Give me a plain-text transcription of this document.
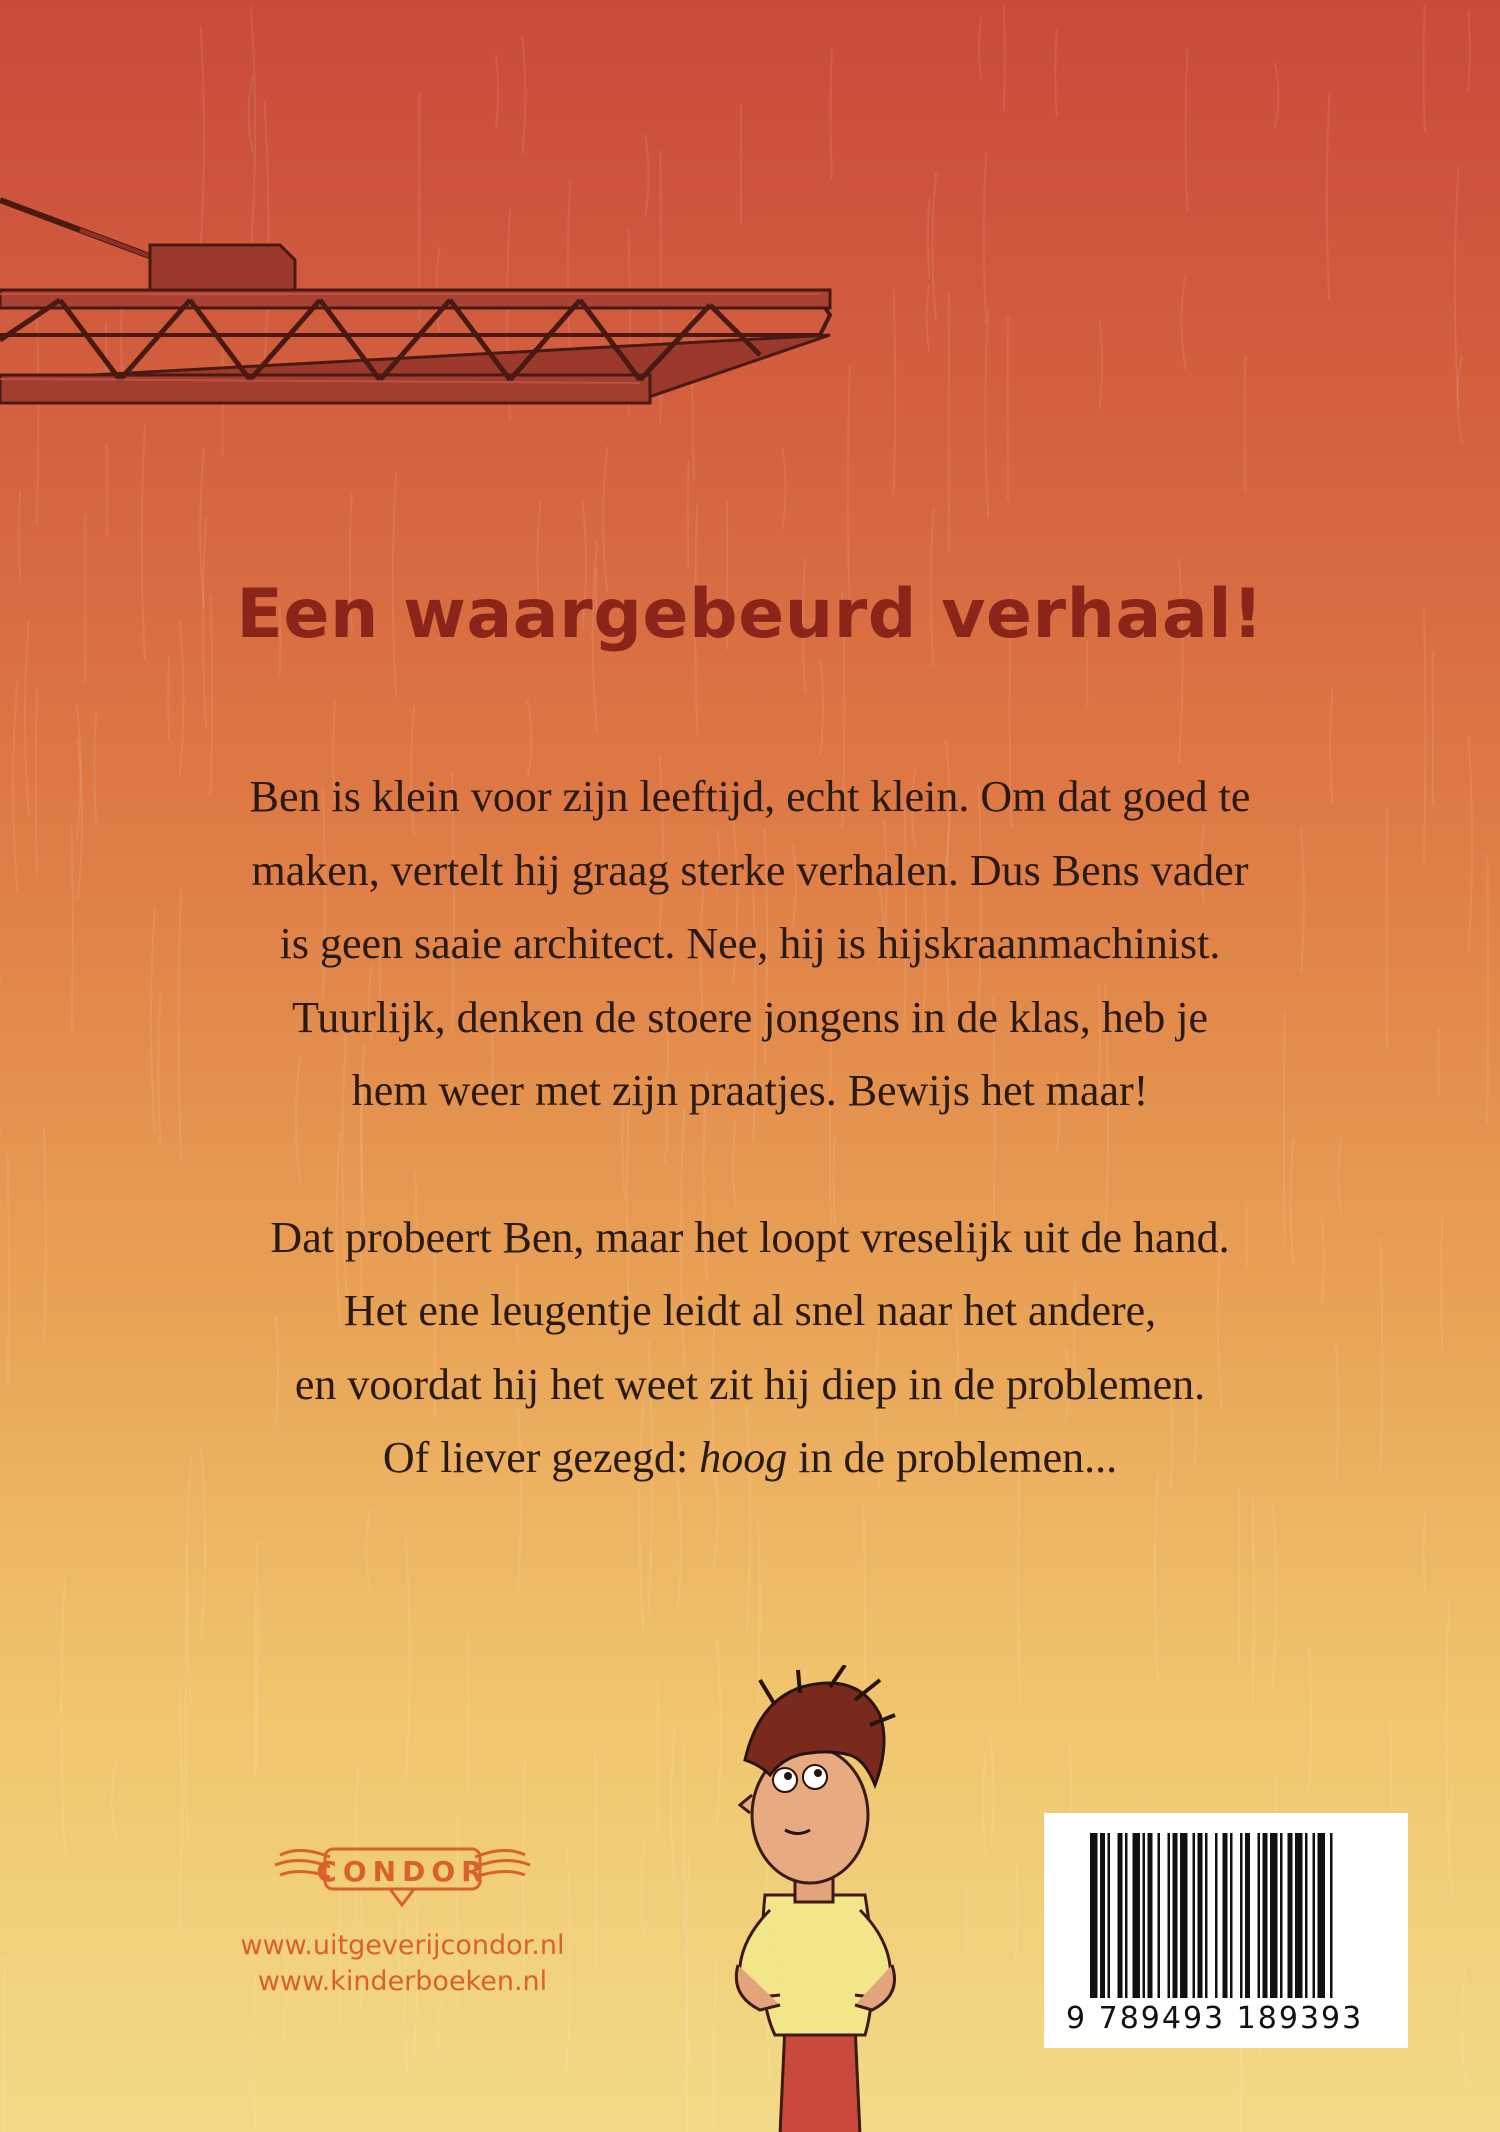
Een waargebeurd verhaal!

Ben is klein voor zijn leeftijd, echt klein. Om dat goed te
maken, vertelt hij graag sterke verhalen. Dus Bens vader
is geen saaie architect. Nee, hij is hijskraanmachinist.
Tuurlijk, denken de stoere jongens in de klas, heb je
hem weer met zijn praatjes. Bewijs het maar!

Dat probeert Ben, maar het loopt vreselijk uit de hand.
Het ene leugentje leidt al snel naar het andere,
en voordat hij het weet zit hij diep in de problemen.
Of liever gezegd: hoog in de problemen...

CONDOR
www.uitgeverijcondor.nl
www.kinderboeken.nl
9 789493 189393
